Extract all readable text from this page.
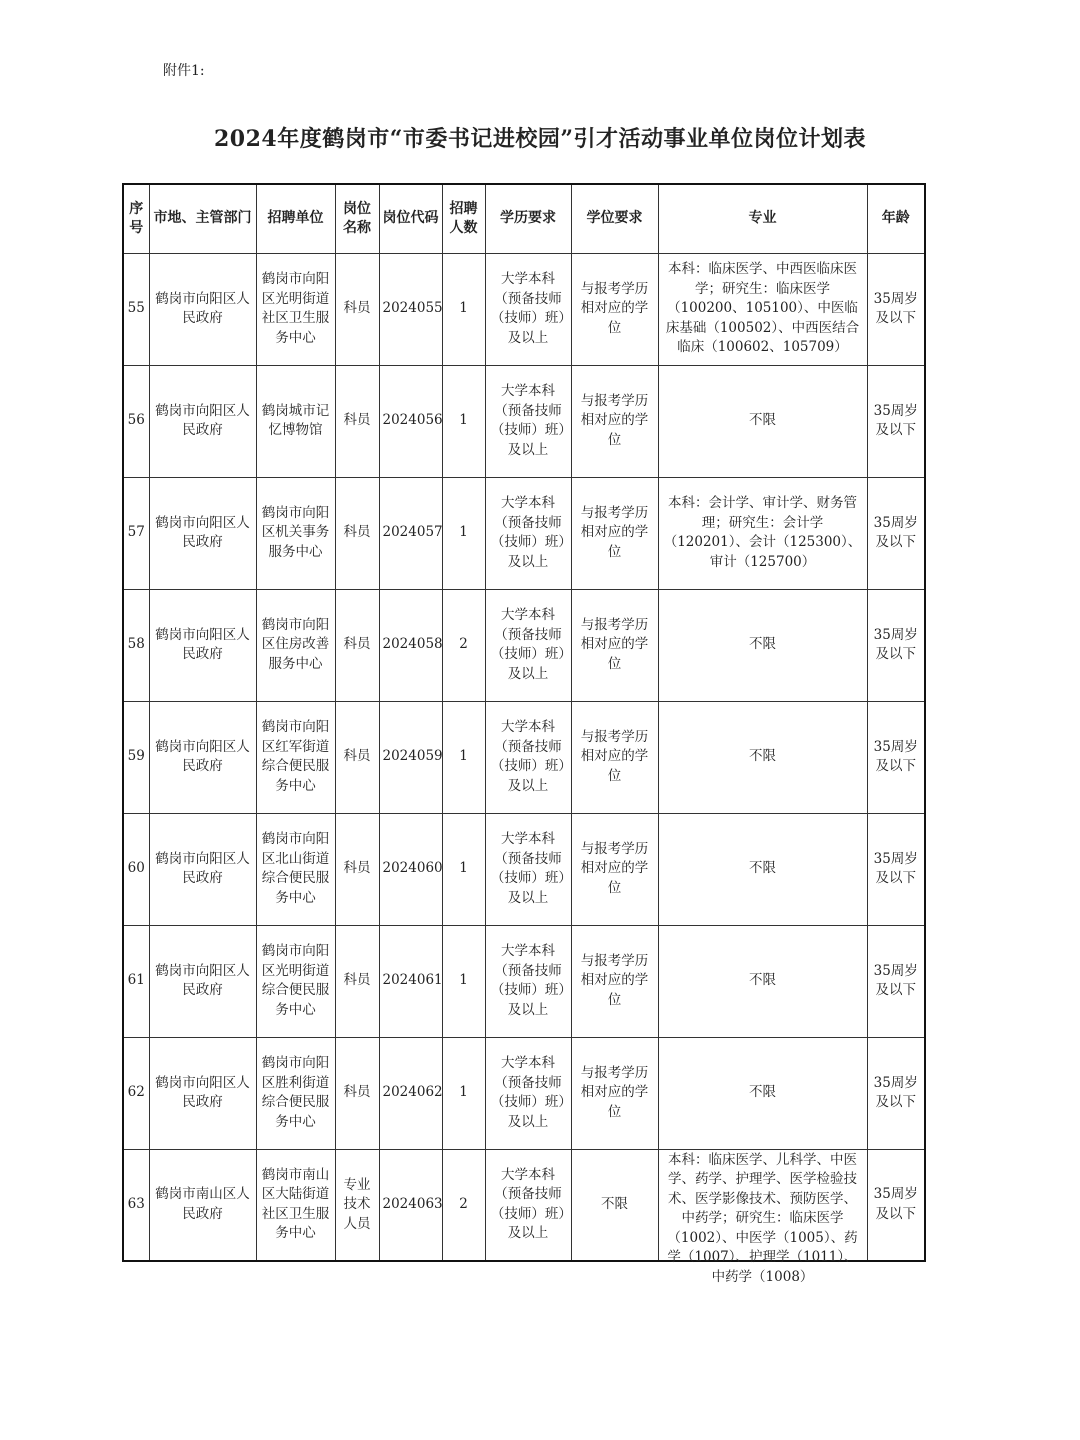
附件1:
2024年度鹤岗市“市委书记进校园”引才活动事业单位岗位计划表
序号	市地、主管部门	招聘单位	岗位名称	岗位代码	招聘人数	学历要求	学位要求	专业	年龄
55	鹤岗市向阳区人民政府	鹤岗市向阳区光明街道社区卫生服务中心	科员	2024055	1	大学本科（预备技师（技师）班）及以上	与报考学历相对应的学位	本科：临床医学、中西医临床医学；研究生：临床医学（100200、105100）、中医临床基础（100502）、中西医结合临床（100602、105709）	35周岁及以下
56	鹤岗市向阳区人民政府	鹤岗城市记忆博物馆	科员	2024056	1	大学本科（预备技师（技师）班）及以上	与报考学历相对应的学位	不限	35周岁及以下
57	鹤岗市向阳区人民政府	鹤岗市向阳区机关事务服务中心	科员	2024057	1	大学本科（预备技师（技师）班）及以上	与报考学历相对应的学位	本科：会计学、审计学、财务管理；研究生：会计学（120201）、会计（125300）、审计（125700）	35周岁及以下
58	鹤岗市向阳区人民政府	鹤岗市向阳区住房改善服务中心	科员	2024058	2	大学本科（预备技师（技师）班）及以上	与报考学历相对应的学位	不限	35周岁及以下
59	鹤岗市向阳区人民政府	鹤岗市向阳区红军街道综合便民服务中心	科员	2024059	1	大学本科（预备技师（技师）班）及以上	与报考学历相对应的学位	不限	35周岁及以下
60	鹤岗市向阳区人民政府	鹤岗市向阳区北山街道综合便民服务中心	科员	2024060	1	大学本科（预备技师（技师）班）及以上	与报考学历相对应的学位	不限	35周岁及以下
61	鹤岗市向阳区人民政府	鹤岗市向阳区光明街道综合便民服务中心	科员	2024061	1	大学本科（预备技师（技师）班）及以上	与报考学历相对应的学位	不限	35周岁及以下
62	鹤岗市向阳区人民政府	鹤岗市向阳区胜利街道综合便民服务中心	科员	2024062	1	大学本科（预备技师（技师）班）及以上	与报考学历相对应的学位	不限	35周岁及以下
63	鹤岗市南山区人民政府	鹤岗市南山区大陆街道社区卫生服务中心	专业技术人员	2024063	2	大学本科（预备技师（技师）班）及以上	不限	本科：临床医学、儿科学、中医学、药学、护理学、医学检验技术、医学影像技术、预防医学、中药学；研究生：临床医学（1002）、中医学（1005）、药学（1007）、护理学（1011）、中药学（1008）	35周岁及以下
